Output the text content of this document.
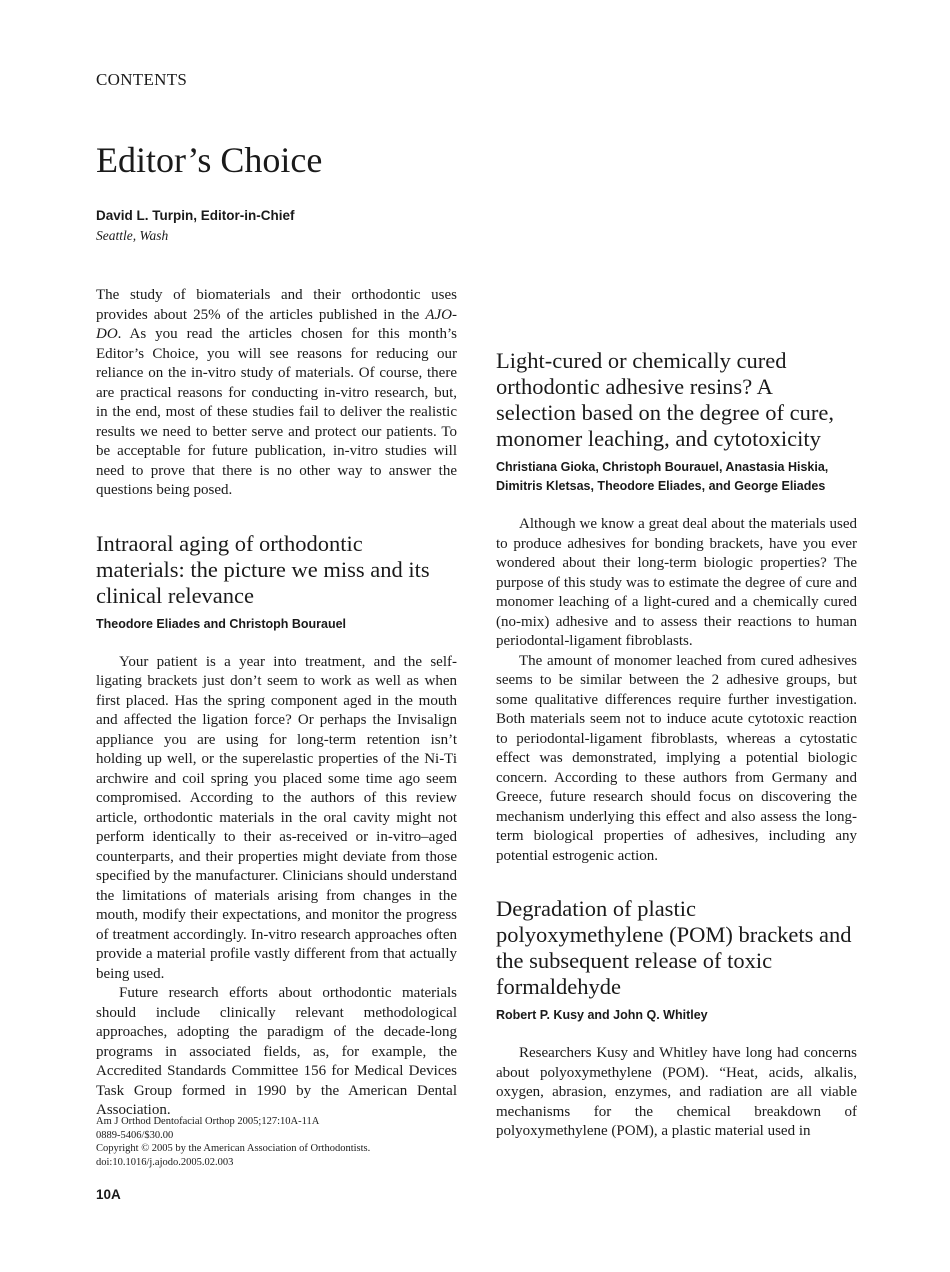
CONTENTS
Editor’s Choice
David L. Turpin, Editor-in-Chief
Seattle, Wash

The study of biomaterials and their orthodontic uses provides about 25% of the articles published in the AJO-DO. As you read the articles chosen for this month’s Editor’s Choice, you will see reasons for reducing our reliance on the in-vitro study of materials. Of course, there are practical reasons for conducting in-vitro research, but, in the end, most of these studies fail to deliver the realistic results we need to better serve and protect our patients. To be acceptable for future publication, in-vitro studies will need to prove that there is no other way to answer the questions being posed.

Intraoral aging of orthodontic materials: the picture we miss and its clinical relevance

Theodore Eliades and Christoph Bourauel

Your patient is a year into treatment, and the self-ligating brackets just don’t seem to work as well as when first placed. Has the spring component aged in the mouth and affected the ligation force? Or perhaps the Invisalign appliance you are using for long-term retention isn’t holding up well, or the superelastic properties of the Ni-Ti archwire and coil spring you placed some time ago seem compromised. According to the authors of this review article, orthodontic materials in the oral cavity might not perform identically to their as-received or in-vitro–aged counterparts, and their properties might deviate from those specified by the manufacturer. Clinicians should understand the limitations of materials arising from changes in the mouth, modify their expectations, and monitor the progress of treatment accordingly. In-vitro research approaches often provide a material profile vastly different from that actually being used.

Future research efforts about orthodontic materials should include clinically relevant methodological approaches, adopting the paradigm of the decade-long programs in associated fields, as, for example, the Accredited Standards Committee 156 for Medical Devices Task Group formed in 1990 by the American Dental Association.

Light-cured or chemically cured orthodontic adhesive resins? A selection based on the degree of cure, monomer leaching, and cytotoxicity

Christiana Gioka, Christoph Bourauel, Anastasia Hiskia, Dimitris Kletsas, Theodore Eliades, and George Eliades

Although we know a great deal about the materials used to produce adhesives for bonding brackets, have you ever wondered about their long-term biologic properties? The purpose of this study was to estimate the degree of cure and monomer leaching of a light-cured and a chemically cured (no-mix) adhesive and to assess their reactions to human periodontal-ligament fibroblasts.

The amount of monomer leached from cured adhesives seems to be similar between the 2 adhesive groups, but some qualitative differences require further investigation. Both materials seem not to induce acute cytotoxic reaction to periodontal-ligament fibroblasts, whereas a cytostatic effect was demonstrated, implying a potential biologic concern. According to these authors from Germany and Greece, future research should focus on discovering the mechanism underlying this effect and also assess the long-term biological properties of adhesives, including any potential estrogenic action.

Degradation of plastic polyoxymethylene (POM) brackets and the subsequent release of toxic formaldehyde

Robert P. Kusy and John Q. Whitley

Researchers Kusy and Whitley have long had concerns about polyoxymethylene (POM). “Heat, acids, alkalis, oxygen, abrasion, enzymes, and radiation are all viable mechanisms for the chemical breakdown of polyoxymethylene (POM), a plastic material used in

Am J Orthod Dentofacial Orthop 2005;127:10A-11A
0889-5406/$30.00
Copyright © 2005 by the American Association of Orthodontists.
doi:10.1016/j.ajodo.2005.02.003
10A
